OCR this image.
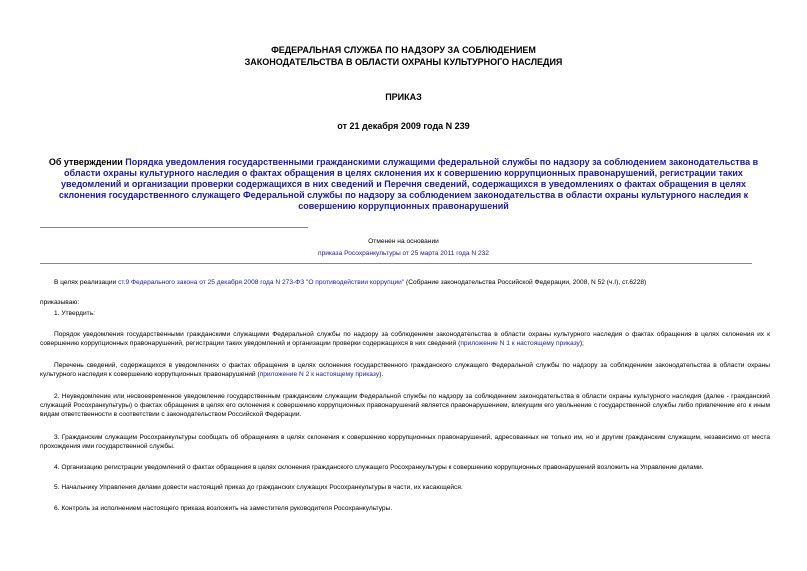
ФЕДЕРАЛЬНАЯ СЛУЖБА ПО НАДЗОРУ ЗА СОБЛЮДЕНИЕМ
ЗАКОНОДАТЕЛЬСТВА В ОБЛАСТИ ОХРАНЫ КУЛЬТУРНОГО НАСЛЕДИЯ
ПРИКАЗ
от 21 декабря 2009 года N 239
Об утверждении Порядка уведомления государственными гражданскими служащими федеральной службы по надзору за соблюдением законодательства в области охраны культурного наследия о фактах обращения в целях склонения их к совершению коррупционных правонарушений, регистрации таких уведомлений и организации проверки содержащихся в них сведений и Перечня сведений, содержащихся в уведомлениях о фактах обращения в целях склонения государственного служащего Федеральной службы по надзору за соблюдением законодательства в области охраны культурного наследия к совершению коррупционных правонарушений
Отменен на основании
приказа Росохранкультуры от 25 марта 2011 года N 232
В целях реализации ст.9 Федерального закона от 25 декабря 2008 года N 273-ФЗ "О противодействии коррупции" (Собрание законодательства Российской Федерации, 2008, N 52 (ч.I), ст.6228)
приказываю:
1. Утвердить:
Порядок уведомления государственными гражданскими служащими Федеральной службы по надзору за соблюдением законодательства в области охраны культурного наследия о фактах обращения в целях склонения их к совершению коррупционных правонарушений, регистрации таких уведомлений и организации проверки содержащихся в них сведений (приложение N 1 к настоящему приказу);
Перечень сведений, содержащихся в уведомлениях о фактах обращения в целях склонения государственного гражданского служащего Федеральной службы по надзору за соблюдением законодательства в области охраны культурного наследия к совершению коррупционных правонарушений (приложение N 2 к настоящему приказу).
2. Неуведомление или несвоевременное уведомление государственным гражданским служащим Федеральной службы по надзору за соблюдением законодательства в области охраны культурного наследия (далее - гражданский служащий Росохранкультуры) о фактах обращения в целях его склонения к совершению коррупционных правонарушений является правонарушением, влекущим его увольнение с государственной службы либо привлечение его к иным видам ответственности в соответствии с законодательством Российской Федерации.
3. Гражданским служащим Росохранкультуры сообщать об обращениях в целях склонения к совершению коррупционных правонарушений, адресованных не только им, но и другим гражданским служащим, независимо от места прохождения ими государственной службы.
4. Организацию регистрации уведомлений о фактах обращения в целях склонения гражданского служащего Росохранкультуры к совершению коррупционных правонарушений возложить на Управление делами.
5. Начальнику Управления делами довести настоящий приказ до гражданских служащих Росохранкультуры в части, их касающейся.
6. Контроль за исполнением настоящего приказа возложить на заместителя руководителя Росохранкультуры.
